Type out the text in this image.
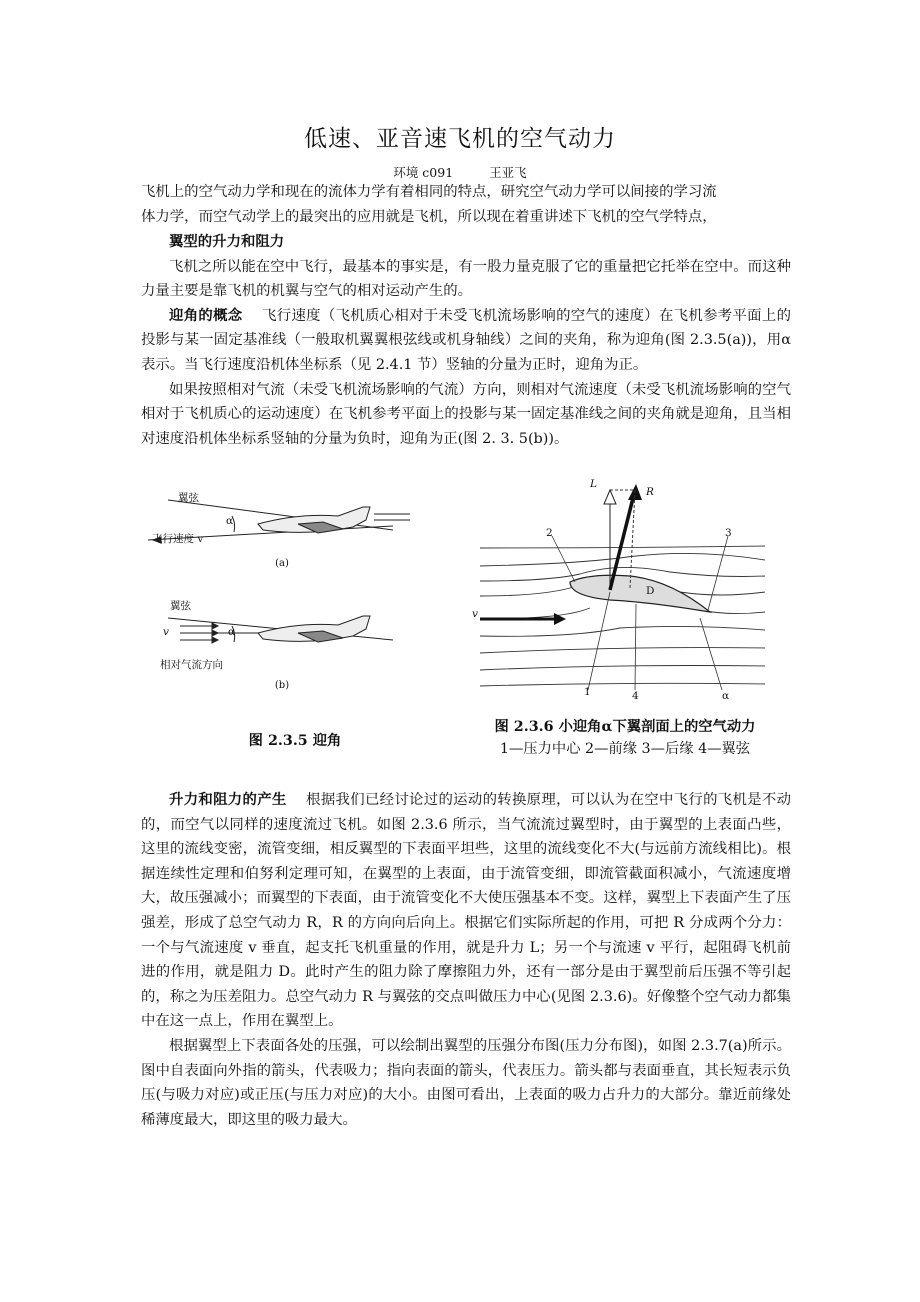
低速、亚音速飞机的空气动力
环境 c091	王亚飞

飞机上的空气动力学和现在的流体力学有着相同的特点，研究空气动力学可以间接的学习流

体力学，而空气动学上的最突出的应用就是飞机，所以现在着重讲述下飞机的空气学特点，

翼型的升力和阻力

飞机之所以能在空中飞行，最基本的事实是，有一股力量克服了它的重量把它托举在空中。而这种力量主要是靠飞机的机翼与空气的相对运动产生的。

迎角的概念 飞行速度（飞机质心相对于未受飞机流场影响的空气的速度）在飞机参考平面上的投影与某一固定基准线（一般取机翼翼根弦线或机身轴线）之间的夹角，称为迎角(图 2.3.5(a))，用α表示。当飞行速度沿机体坐标系（见 2.4.1 节）竖轴的分量为正时，迎角为正。

如果按照相对气流（未受飞机流场影响的气流）方向，则相对气流速度（未受飞机流场影响的空气相对于飞机质心的运动速度）在飞机参考平面上的投影与某一固定基准线之间的夹角就是迎角，且当相对速度沿机体坐标系竖轴的分量为负时，迎角为正(图 2. 3. 5(b))。

翼弦
α
飞行速度 v
(a)
翼弦
α
v
相对气流方向
(b)
图 2.3.5 迎角
L
R
2	3
D
v
1	4	α
图 2.3.6 小迎角α下翼剖面上的空气动力
1—压力中心 2—前缘 3—后缘 4—翼弦

升力和阻力的产生 根据我们已经讨论过的运动的转换原理，可以认为在空中飞行的飞机是不动的，而空气以同样的速度流过飞机。如图 2.3.6 所示，当气流流过翼型时，由于翼型的上表面凸些，这里的流线变密，流管变细，相反翼型的下表面平坦些，这里的流线变化不大(与远前方流线相比)。根据连续性定理和伯努利定理可知，在翼型的上表面，由于流管变细，即流管截面积减小，气流速度增大，故压强减小；而翼型的下表面，由于流管变化不大使压强基本不变。这样，翼型上下表面产生了压强差，形成了总空气动力 R，R 的方向向后向上。根据它们实际所起的作用，可把 R 分成两个分力：一个与气流速度 v 垂直，起支托飞机重量的作用，就是升力 L；另一个与流速 v 平行，起阻碍飞机前进的作用，就是阻力 D。此时产生的阻力除了摩擦阻力外，还有一部分是由于翼型前后压强不等引起的，称之为压差阻力。总空气动力 R 与翼弦的交点叫做压力中心(见图 2.3.6)。好像整个空气动力都集中在这一点上，作用在翼型上。

根据翼型上下表面各处的压强，可以绘制出翼型的压强分布图(压力分布图)，如图 2.3.7(a)所示。图中自表面向外指的箭头，代表吸力；指向表面的箭头，代表压力。箭头都与表面垂直，其长短表示负压(与吸力对应)或正压(与压力对应)的大小。由图可看出，上表面的吸力占升力的大部分。靠近前缘处稀薄度最大，即这里的吸力最大。
